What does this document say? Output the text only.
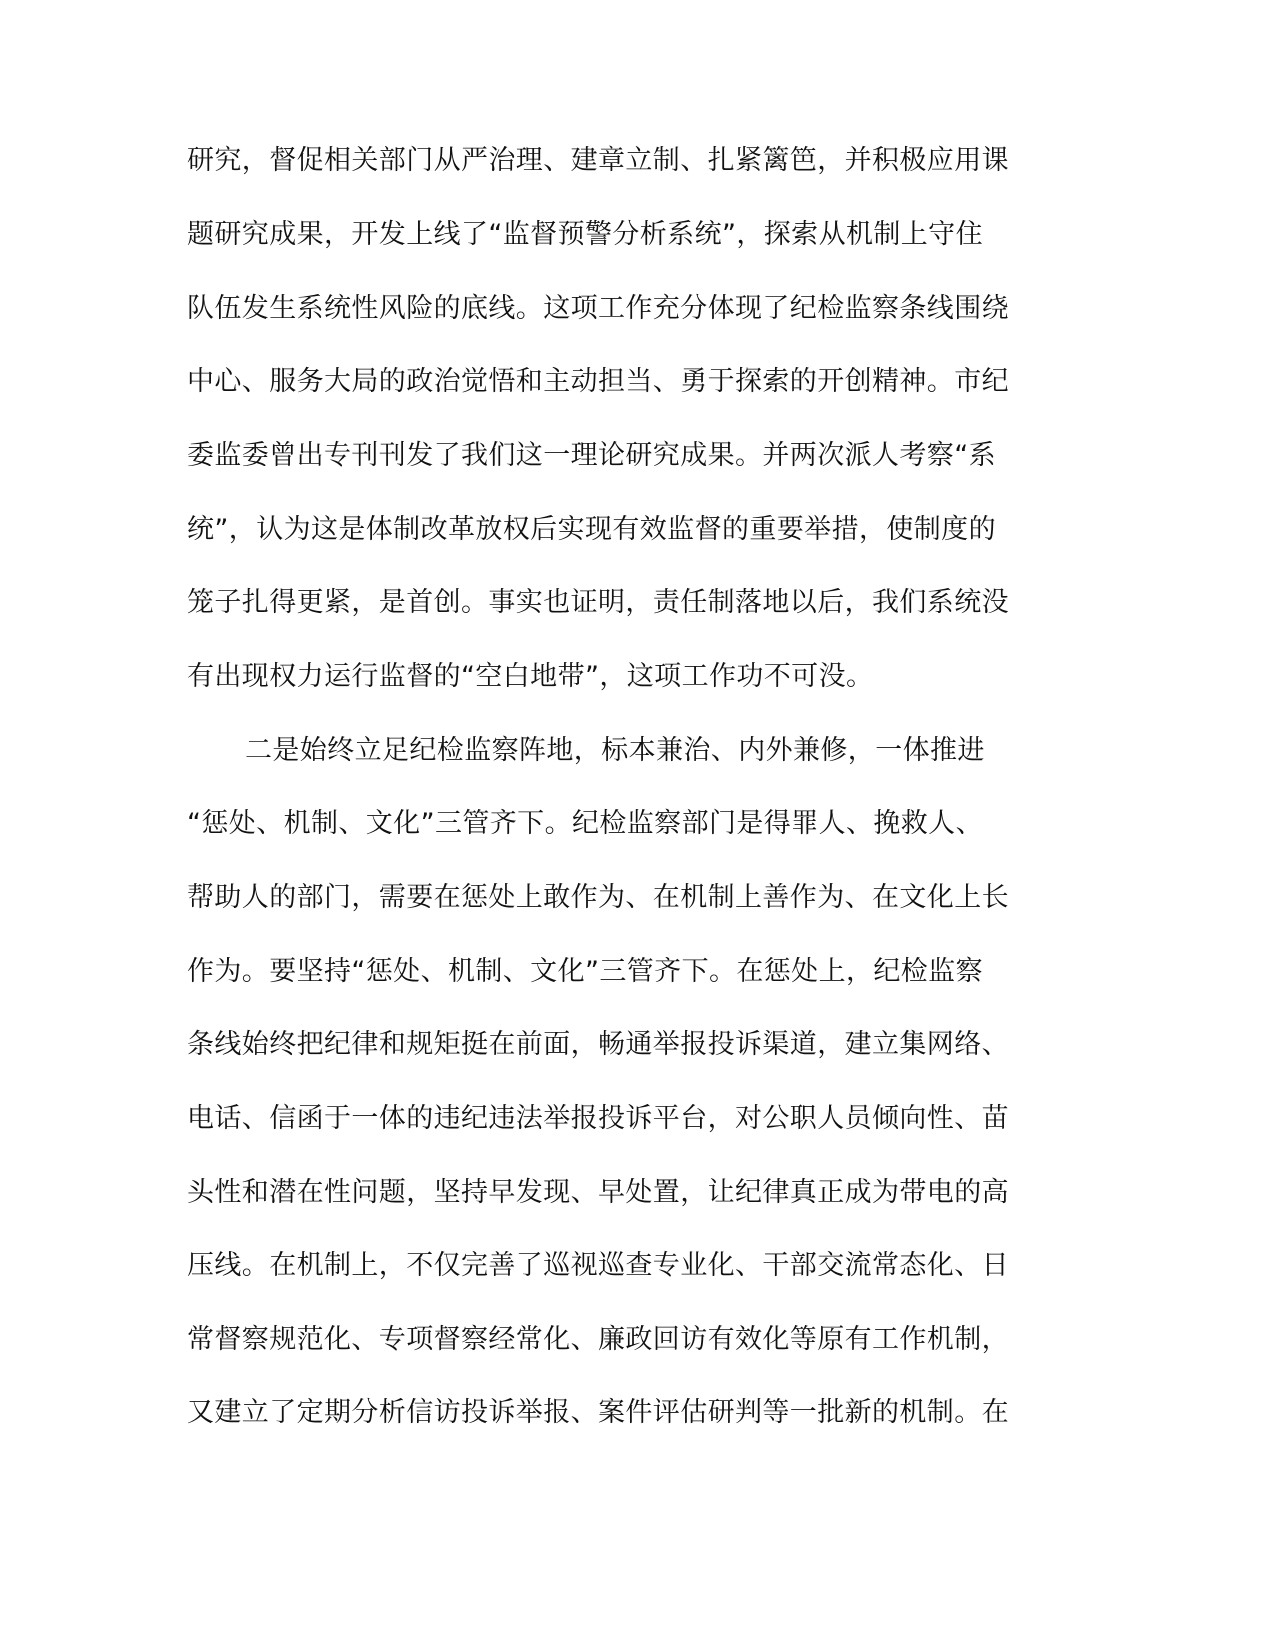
研究，督促相关部门从严治理、建章立制、扎紧篱笆，并积极应用课
题研究成果，开发上线了“监督预警分析系统”，探索从机制上守住
队伍发生系统性风险的底线。这项工作充分体现了纪检监察条线围绕
中心、服务大局的政治觉悟和主动担当、勇于探索的开创精神。市纪
委监委曾出专刊刊发了我们这一理论研究成果。并两次派人考察“系
统”，认为这是体制改革放权后实现有效监督的重要举措，使制度的
笼子扎得更紧，是首创。事实也证明，责任制落地以后，我们系统没
有出现权力运行监督的“空白地带”，这项工作功不可没。
二是始终立足纪检监察阵地，标本兼治、内外兼修，一体推进
“惩处、机制、文化”三管齐下。纪检监察部门是得罪人、挽救人、
帮助人的部门，需要在惩处上敢作为、在机制上善作为、在文化上长
作为。要坚持“惩处、机制、文化”三管齐下。在惩处上，纪检监察
条线始终把纪律和规矩挺在前面，畅通举报投诉渠道，建立集网络、
电话、信函于一体的违纪违法举报投诉平台，对公职人员倾向性、苗
头性和潜在性问题，坚持早发现、早处置，让纪律真正成为带电的高
压线。在机制上，不仅完善了巡视巡查专业化、干部交流常态化、日
常督察规范化、专项督察经常化、廉政回访有效化等原有工作机制，
又建立了定期分析信访投诉举报、案件评估研判等一批新的机制。在
